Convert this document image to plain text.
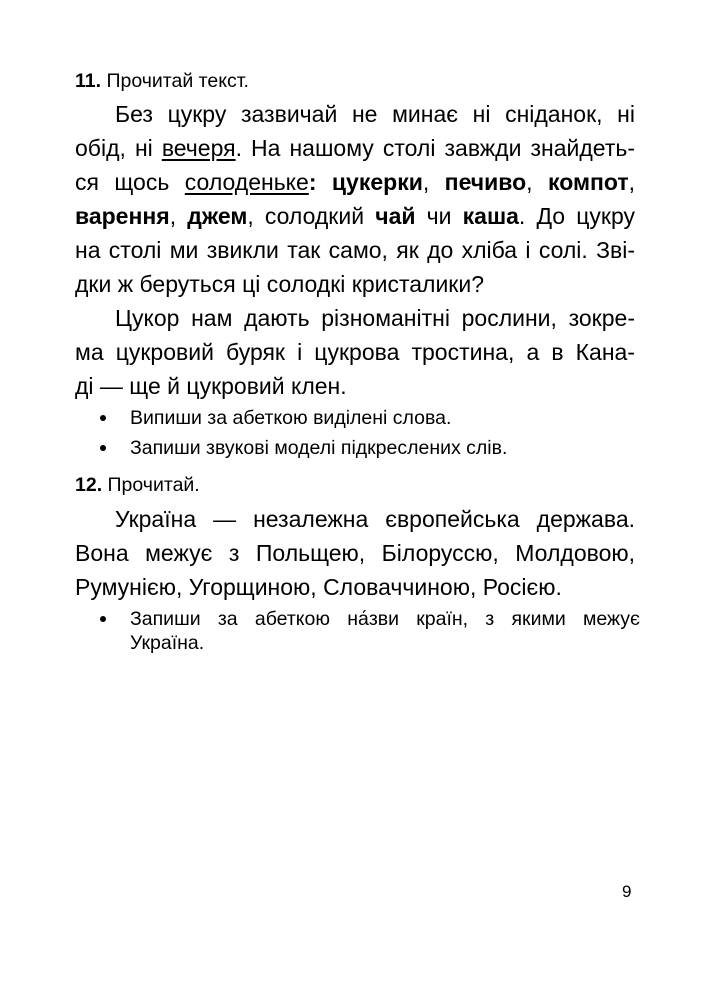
11. Прочитай текст.
Без цукру зазвичай не минає ні сніданок, ні
обід, ні вечеря. На нашому столі завжди знайдеть-
ся щось солоденьке: цукерки, печиво, компот,
варення, джем, солодкий чай чи каша. До цукру
на столі ми звикли так само, як до хліба і солі. Зві-
дки ж беруться ці солодкі кристалики?
Цукор нам дають різноманітні рослини, зокре-
ма цукровий буряк і цукрова тростина, а в Кана-
ді — ще й цукровий клен.
Випиши за абеткою виділені слова.
Запиши звукові моделі підкреслених слів.
12. Прочитай.
Україна — незалежна європейська держава.
Вона межує з Польщею, Білоруссю, Молдовою,
Румунією, Угорщиною, Словаччиною, Росією.
Запиши за абеткою на́зви країн, з якими межує
Україна.
9
